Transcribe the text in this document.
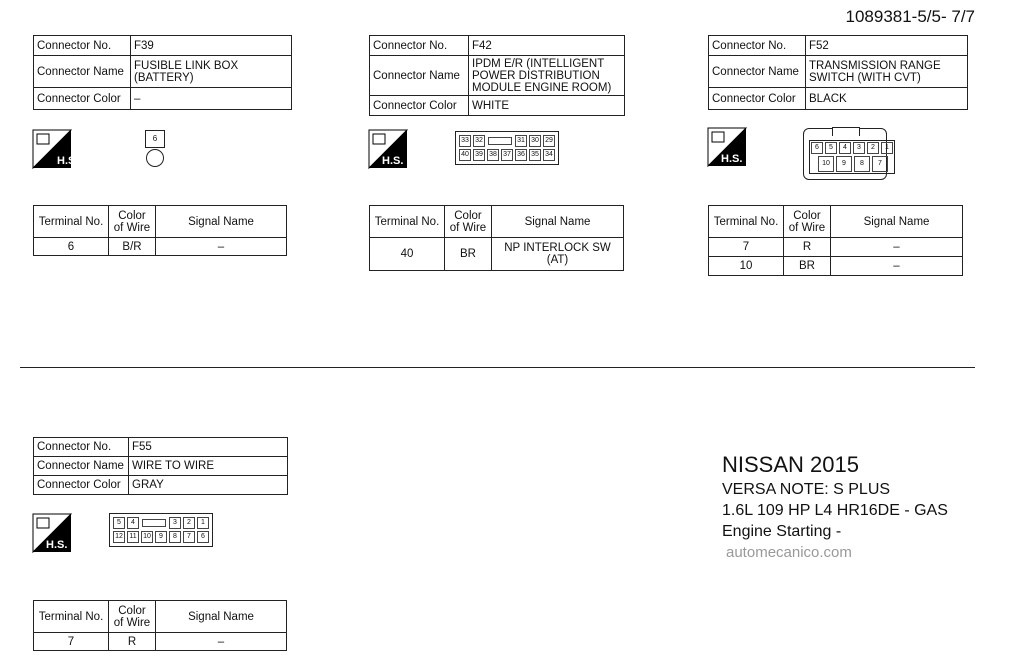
1089381-5/5- 7/7
Connector No.	F39
Connector Name	FUSIBLE LINK BOX (BATTERY)
Connector Color	–
H.S.
6
Terminal No.	Color of Wire	Signal Name
6	B/R	–
Connector No.	F42
Connector Name	IPDM E/R (INTELLIGENT POWER DISTRIBUTION MODULE ENGINE ROOM)
Connector Color	WHITE
H.S.
33 32	31 30 29
40 39 38 37 36 35 34
Terminal No.	Color of Wire	Signal Name
40	BR	NP INTERLOCK SW (AT)
Connector No.	F52
Connector Name	TRANSMISSION RANGE SWITCH (WITH CVT)
Connector Color	BLACK
H.S.
6	5	4	3	2	1
10	9	8	7
Terminal No.	Color of Wire	Signal Name
7	R	–
10	BR	–
Connector No.	F55
Connector Name	WIRE TO WIRE
Connector Color	GRAY
H.S.
5	4	3	2	1
12 11 10	9	8	7	6
Terminal No.	Color of Wire	Signal Name
7	R	–
NISSAN 2015
VERSA NOTE: S PLUS
1.6L 109 HP L4 HR16DE - GAS
Engine Starting -
automecanico.com
